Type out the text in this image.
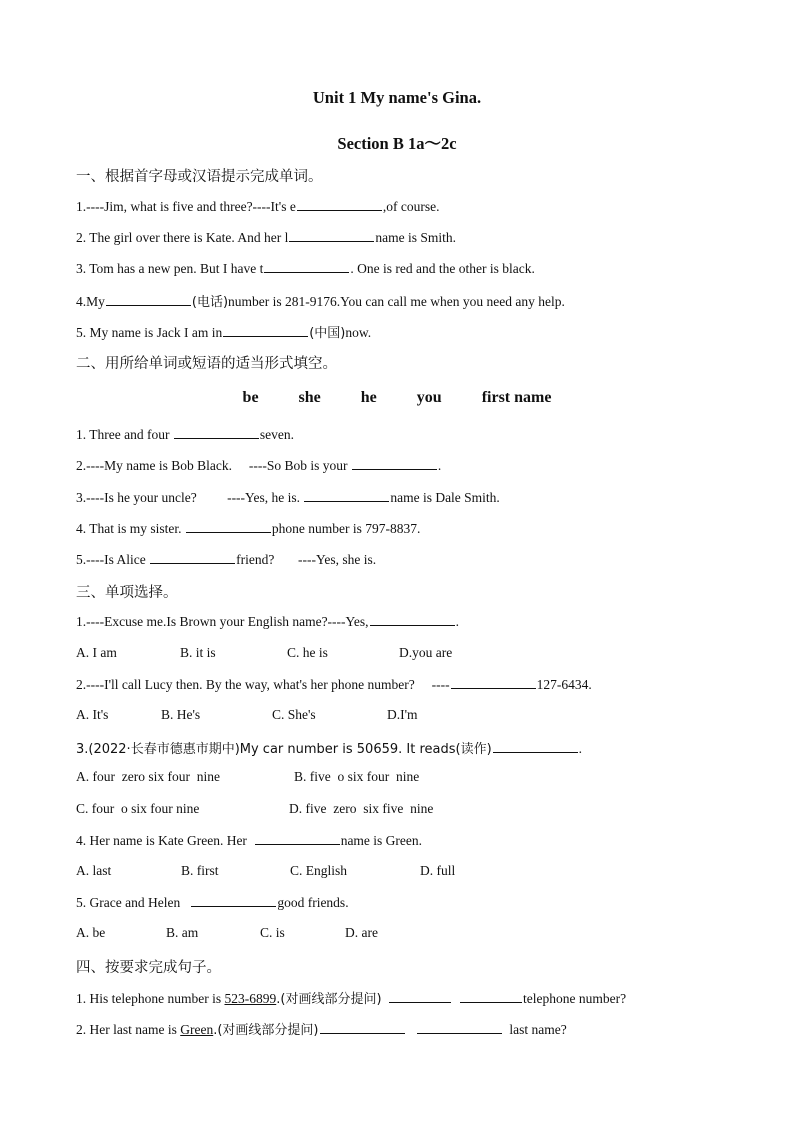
Unit 1 My name's Gina.
Section B 1a～2c
一、根据首字母或汉语提示完成单词。
1.----Jim, what is five and three?----It's e	,of course.
2. The girl over there is Kate. And her l	name is Smith.
3. Tom has a new pen. But I have t	. One is red and the other is black.
4.My	(电话)number is 281-9176.You can call me when you need any help.
5. My name is Jack I am in	(中国)now.
二、用所给单词或短语的适当形式填空。
be	she	he	you	first name
1. Three and four	seven.
2.----My name is Bob Black.     ----So Bob is your	.
3.----Is he your uncle?         ----Yes, he is.	name is Dale Smith.
4. That is my sister.	phone number is 797-8837.
5.----Is Alice	friend?       ----Yes, she is.
三、单项选择。
1.----Excuse me.Is Brown your English name?----Yes,	.
A. I am	B. it is	C. he is	D.you are
2.----I'll call Lucy then. By the way, what's her phone number?     ----	127-6434.
A. It's	B. He's	C. She's	D.I'm
3.(2022·长春市德惠市期中)My car number is 50659. It reads(读作)	.
A. four  zero six four  nine	B. five  o six four  nine
C. four  o six four nine	D. five  zero  six five  nine
4. Her name is Kate Green. Her	name is Green.
A. last	B. first	C. English	D. full
5. Grace and Helen	good friends.
A. be	B. am	C. is	D. are
四、按要求完成句子。
1. His telephone number is 523-6899.(对画线部分提问)	telephone number?
2. Her last name is Green.(对画线部分提问)	last name?
